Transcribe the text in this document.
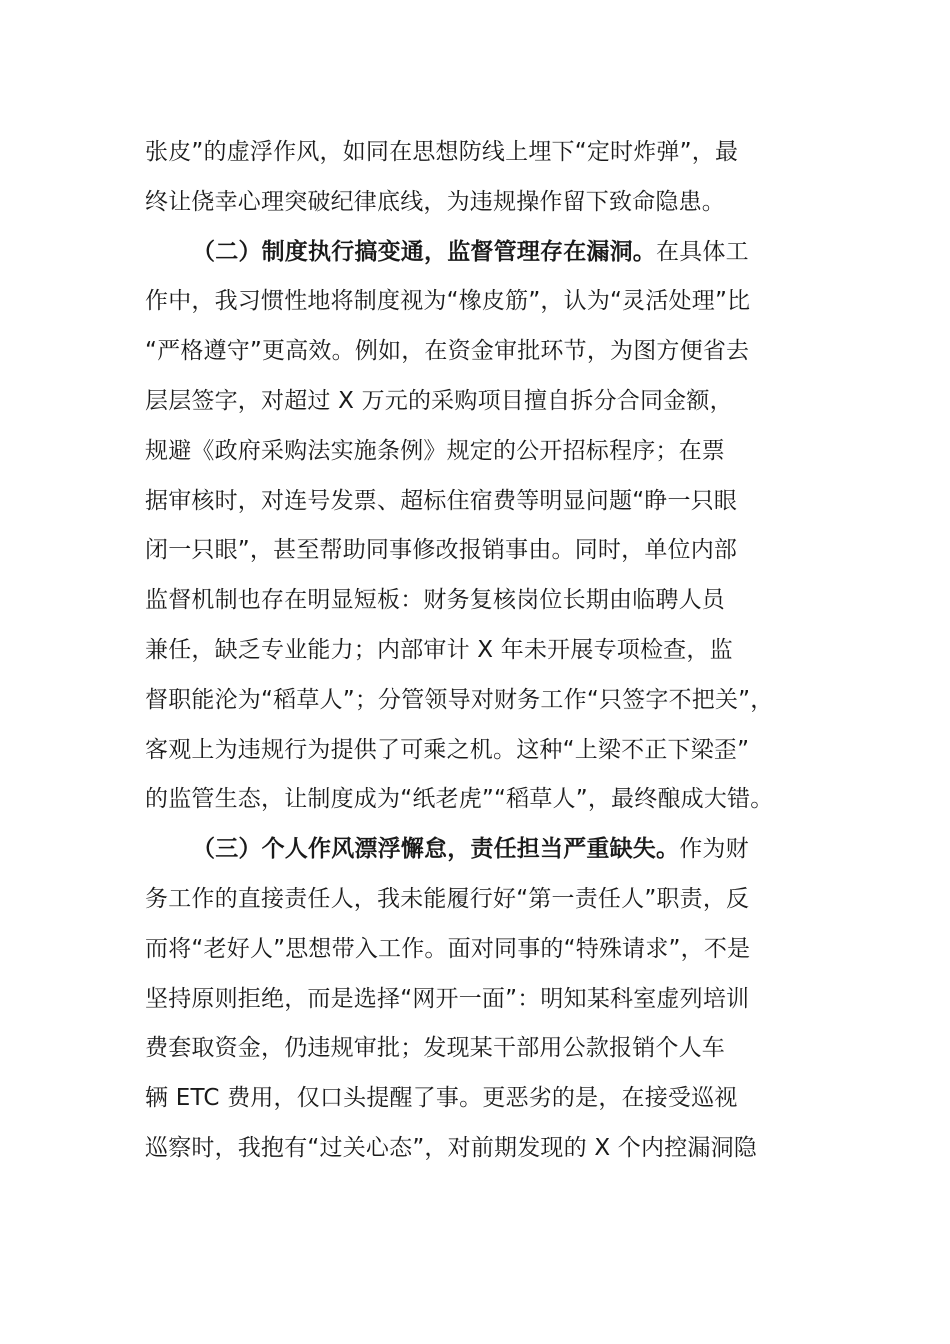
张皮”的虚浮作风，如同在思想防线上埋下“定时炸弹”，最
终让侥幸心理突破纪律底线，为违规操作留下致命隐患。
（二）制度执行搞变通，监督管理存在漏洞。在具体工
作中，我习惯性地将制度视为“橡皮筋”，认为“灵活处理”比
“严格遵守”更高效。例如，在资金审批环节，为图方便省去
层层签字，对超过 X 万元的采购项目擅自拆分合同金额，
规避《政府采购法实施条例》规定的公开招标程序；在票
据审核时，对连号发票、超标住宿费等明显问题“睁一只眼
闭一只眼”，甚至帮助同事修改报销事由。同时，单位内部
监督机制也存在明显短板：财务复核岗位长期由临聘人员
兼任，缺乏专业能力；内部审计 X 年未开展专项检查，监
督职能沦为“稻草人”；分管领导对财务工作“只签字不把关”，
客观上为违规行为提供了可乘之机。这种“上梁不正下梁歪”
的监管生态，让制度成为“纸老虎”“稻草人”，最终酿成大错。
（三）个人作风漂浮懈怠，责任担当严重缺失。作为财
务工作的直接责任人，我未能履行好“第一责任人”职责，反
而将“老好人”思想带入工作。面对同事的“特殊请求”，不是
坚持原则拒绝，而是选择“网开一面”：明知某科室虚列培训
费套取资金，仍违规审批；发现某干部用公款报销个人车
辆 ETC 费用，仅口头提醒了事。更恶劣的是，在接受巡视
巡察时，我抱有“过关心态”，对前期发现的 X 个内控漏洞隐
